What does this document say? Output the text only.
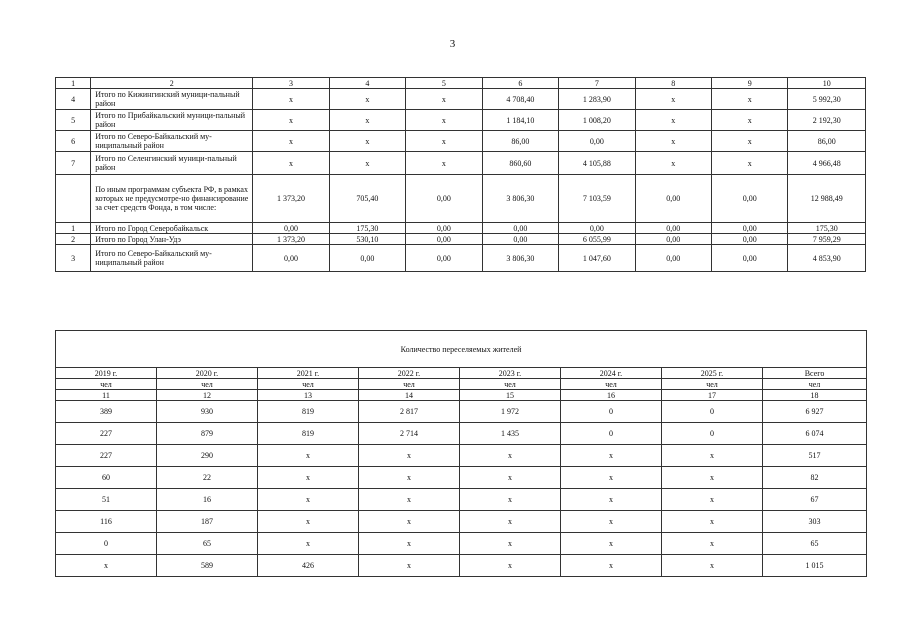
3
1	2	3	4	5	6	7	8	9	10
4	Итого по Кижингинский муници-пальный район	х	х	х	4 708,40	1 283,90	х	х	5 992,30
5	Итого по Прибайкальский муници-пальный район	х	х	х	1 184,10	1 008,20	х	х	2 192,30
6	Итого по Северо-Байкальский му-ниципальный район	х	х	х	86,00	0,00	х	х	86,00
7	Итого по Селенгинский муници-пальный район	х	х	х	860,60	4 105,88	х	х	4 966,48
	По иным программам субъекта РФ, в рамках которых не предусмотре-но финансирование за счет средств Фонда, в том числе:	1 373,20	705,40	0,00	3 806,30	7 103,59	0,00	0,00	12 988,49
1	Итого по Город Северобайкальск	0,00	175,30	0,00	0,00	0,00	0,00	0,00	175,30
2	Итого по Город Улан-Удэ	1 373,20	530,10	0,00	0,00	6 055,99	0,00	0,00	7 959,29
3	Итого по Северо-Байкальский му-ниципальный район	0,00	0,00	0,00	3 806,30	1 047,60	0,00	0,00	4 853,90
Количество переселяемых жителей							
2019 г.	2020 г.	2021 г.	2022 г.	2023 г.	2024 г.	2025 г.	Всего
чел	чел	чел	чел	чел	чел	чел	чел
11	12	13	14	15	16	17	18
389	930	819	2 817	1 972	0	0	6 927
227	879	819	2 714	1 435	0	0	6 074
227	290	х	х	х	х	х	517
60	22	х	х	х	х	х	82
51	16	х	х	х	х	х	67
116	187	х	х	х	х	х	303
0	65	х	х	х	х	х	65
х	589	426	х	х	х	х	1 015
